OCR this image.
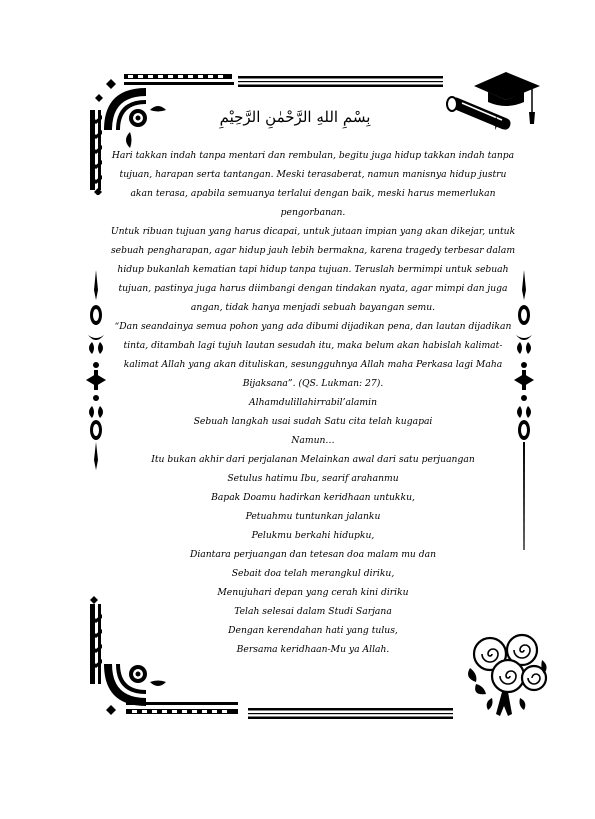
بِسْمِ اللهِ الرَّحْمٰنِ الرَّحِيْمِ

Hari takkan indah tanpa mentari dan rembulan, begitu juga hidup takkan indah tanpa tujuan, harapan serta tantangan. Meski terasaberat, namun manisnya hidup justru akan terasa, apabila semuanya terlalui dengan baik, meski harus memerlukan pengorbanan.

Untuk ribuan tujuan yang harus dicapai, untuk jutaan impian yang akan dikejar, untuk sebuah pengharapan, agar hidup jauh lebih bermakna, karena tragedy terbesar dalam hidup bukanlah kematian tapi hidup tanpa tujuan. Teruslah bermimpi untuk sebuah tujuan, pastinya juga harus diimbangi dengan tindakan nyata, agar mimpi dan juga angan, tidak hanya menjadi sebuah bayangan semu.

“Dan seandainya semua pohon yang ada dibumi dijadikan pena, dan lautan dijadikan tinta, ditambah lagi tujuh lautan sesudah itu, maka belum akan habislah kalimat-kalimat Allah yang akan dituliskan, sesungguhnya Allah maha Perkasa lagi Maha Bijaksana”. (QS. Lukman: 27).

Alhamdulillahirrabil’alamin
Sebuah langkah usai sudah Satu cita telah kugapai
Namun…
Itu bukan akhir dari perjalanan Melainkan awal dari satu perjuangan
Setulus hatimu Ibu, searif arahanmu
Bapak Doamu hadirkan keridhaan untukku,
Petuahmu tuntunkan jalanku
Pelukmu berkahi hidupku,
Diantara perjuangan dan tetesan doa malam mu dan
Sebait doa telah merangkul diriku,
Menujuhari depan yang cerah kini diriku
Telah selesai dalam Studi Sarjana
Dengan kerendahan hati yang tulus,
Bersama keridhaan-Mu ya Allah.
